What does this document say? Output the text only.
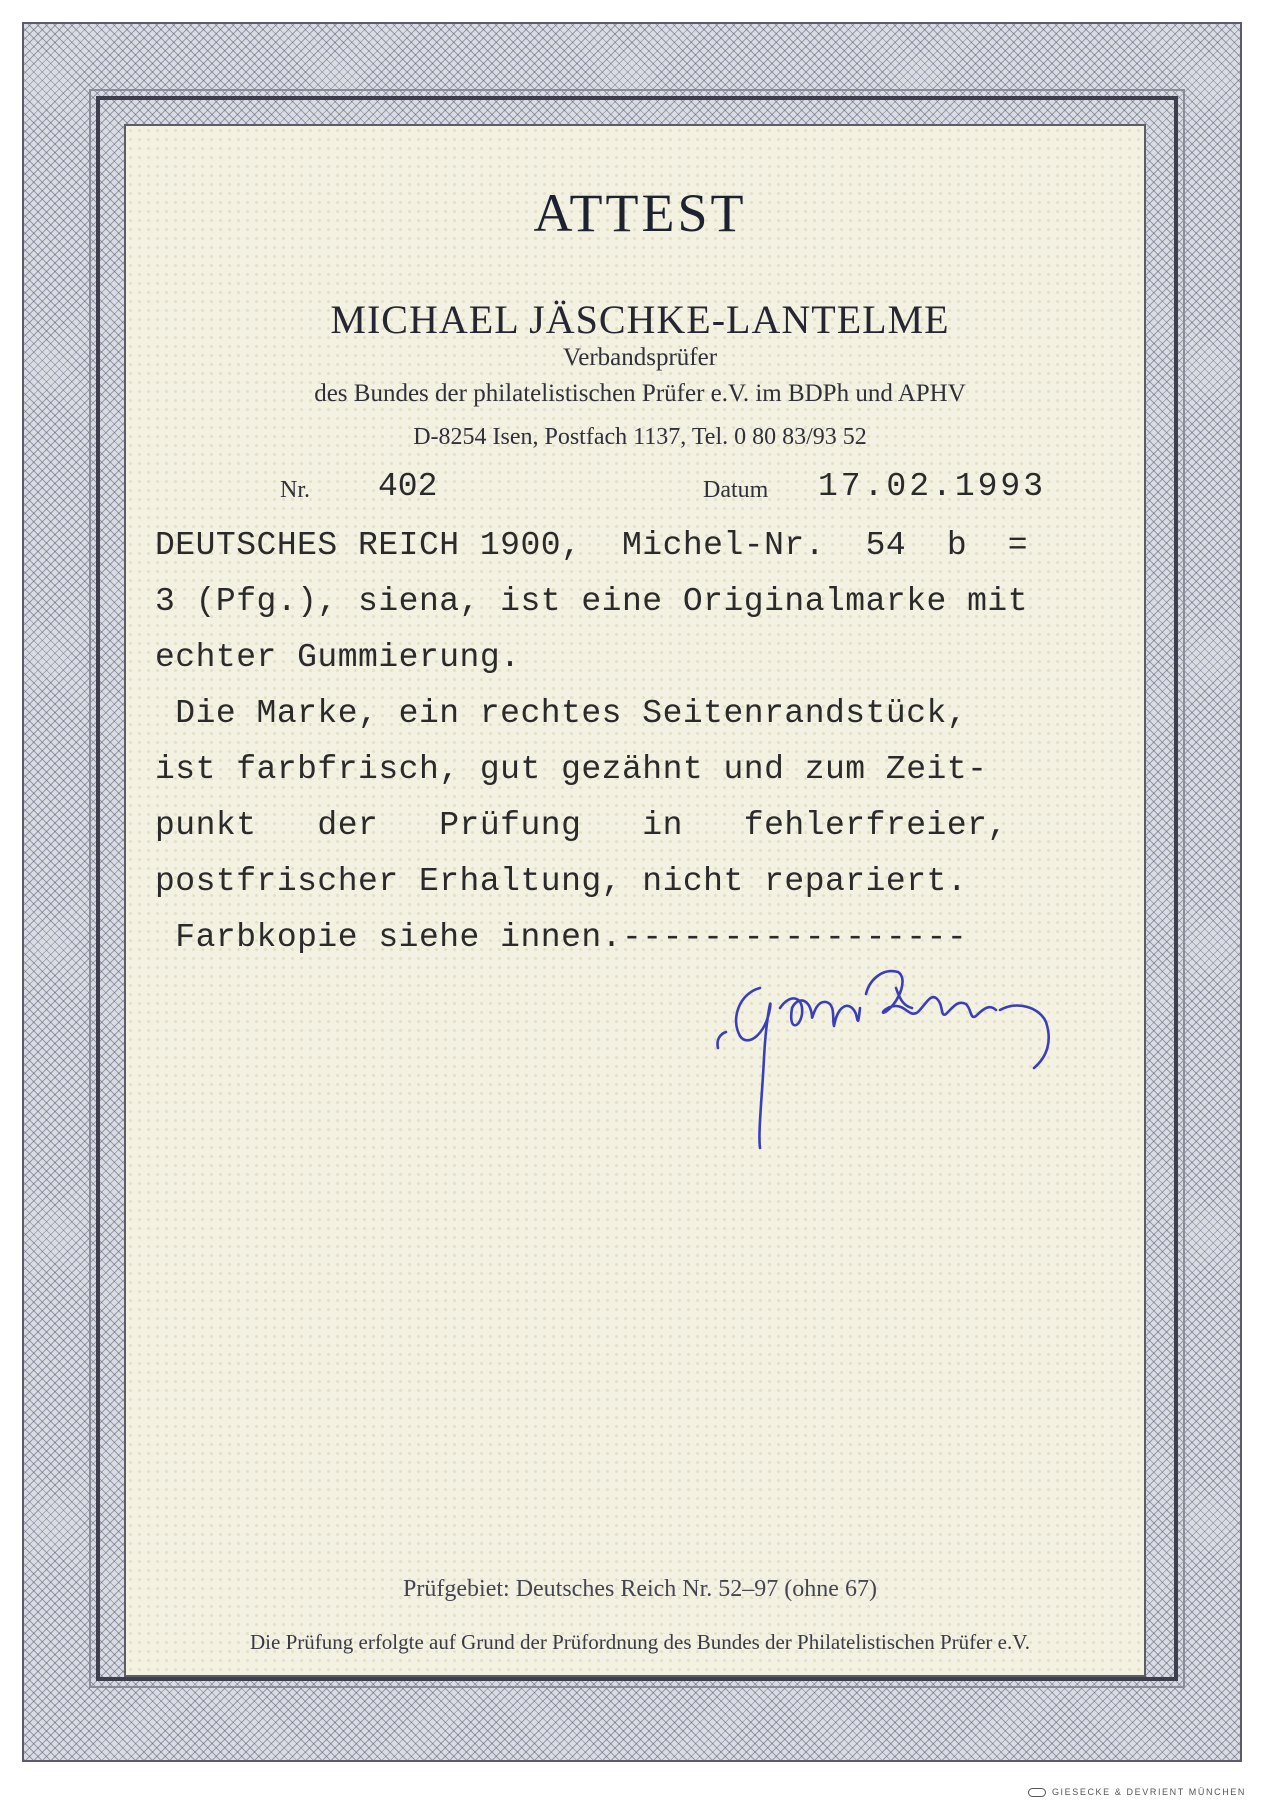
ATTEST
MICHAEL JÄSCHKE-LANTELME
Verbandsprüfer
des Bundes der philatelistischen Prüfer e.V. im BDPh und APHV
D-8254 Isen, Postfach 1137, Tel. 0 80 83/93 52
Nr. 402	Datum 17.02.1993
DEUTSCHES REICH 1900,  Michel-Nr.  54  b  =
3 (Pfg.), siena, ist eine Originalmarke mit
echter Gummierung.
Die Marke, ein rechtes Seitenrandstück,
ist farbfrisch, gut gezähnt und zum Zeit-
punkt   der   Prüfung   in   fehlerfreier,
postfrischer Erhaltung, nicht repariert.
Farbkopie siehe innen.-----------------
Prüfgebiet: Deutsches Reich Nr. 52–97 (ohne 67)
Die Prüfung erfolgte auf Grund der Prüfordnung des Bundes der Philatelistischen Prüfer e.V.
GIESECKE & DEVRIENT MÜNCHEN
